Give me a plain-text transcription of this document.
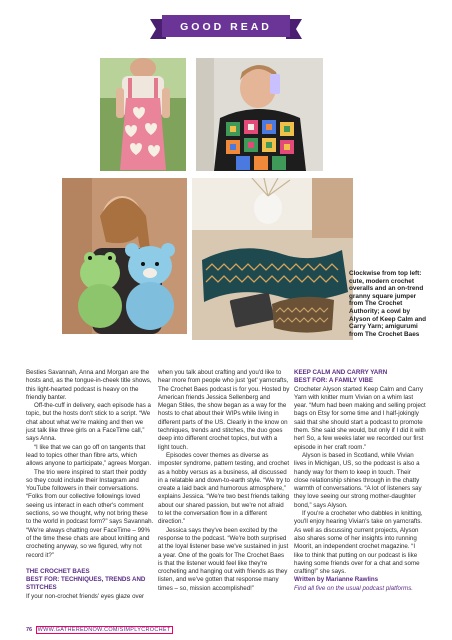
GOOD READ
Clockwise from top left: cute, modern crochet overalls and an on-trend granny square jumper from The Crochet Authority; a cowl by Alyson of Keep Calm and Carry Yarn; amigurumi from The Crochet Baes

Besties Savannah, Anna and Morgan are the hosts and, as the tongue-in-cheek title shows, this light-hearted podcast is heavy on the friendly banter.

Off-the-cuff in delivery, each episode has a topic, but the hosts don't stick to a script. “We chat about what we're making and then we just talk like three girls on a FaceTime call,” says Anna.

“I like that we can go off on tangents that lead to topics other than fibre arts, which allows anyone to participate,” agrees Morgan.

The trio were inspired to start their poddy so they could include their Instagram and YouTube followers in their conversations. “Folks from our collective followings loved seeing us interact in each other's comment sections, so we thought, why not bring these to the world in podcast form?” says Savannah. “We're always chatting over FaceTime – 99% of the time these chats are about knitting and crocheting anyway, so we figured, why not record it?”

THE CROCHET BAES

BEST FOR: TECHNIQUES, TRENDS AND STITCHES

If your non-crochet friends' eyes glaze over

when you talk about crafting and you'd like to hear more from people who just 'get' yarncrafts, The Crochet Baes podcast is for you. Hosted by American friends Jessica Sellenberg and Megan Stiles, the show began as a way for the hosts to chat about their WIPs while living in different parts of the US. Clearly in the know on techniques, trends and stitches, the duo goes deep into different crochet topics, but with a light touch.

Episodes cover themes as diverse as imposter syndrome, pattern testing, and crochet as a hobby versus as a business, all discussed in a relatable and down-to-earth style. “We try to create a laid back and humorous atmosphere,” explains Jessica. “We're two best friends talking about our shared passion, but we're not afraid to let the conversation flow in a different direction.”

Jessica says they've been excited by the response to the podcast. “We're both surprised at the loyal listener base we've sustained in just a year. One of the goals for The Crochet Baes is that the listener would feel like they're crocheting and hanging out with friends as they listen, and we've gotten that response many times – so, mission accomplished!”

KEEP CALM AND CARRY YARN

BEST FOR: A FAMILY VIBE

Crocheter Alyson started Keep Calm and Carry Yarn with knitter mum Vivian on a whim last year. “Mum had been making and selling project bags on Etsy for some time and I half-jokingly said that she should start a podcast to promote them. She said she would, but only if I did it with her! So, a few weeks later we recorded our first episode in her craft room.”

Alyson is based in Scotland, while Vivian lives in Michigan, US, so the podcast is also a handy way for them to keep in touch. Their close relationship shines through in the chatty warmth of conversations. “A lot of listeners say they love seeing our strong mother-daughter bond,” says Alyson.

If you're a crocheter who dabbles in knitting, you'll enjoy hearing Vivian's take on yarncrafts. As well as discussing current projects, Alyson also shares some of her insights into running Moorit, an independent crochet magazine. “I like to think that putting on our podcast is like having some friends over for a chat and some crafting!” she says.

Written by Marianne Rawlins

Find all five on the usual podcast platforms.

76 WWW.GATHEREDNOW.COM/SIMPLYCROCHET
